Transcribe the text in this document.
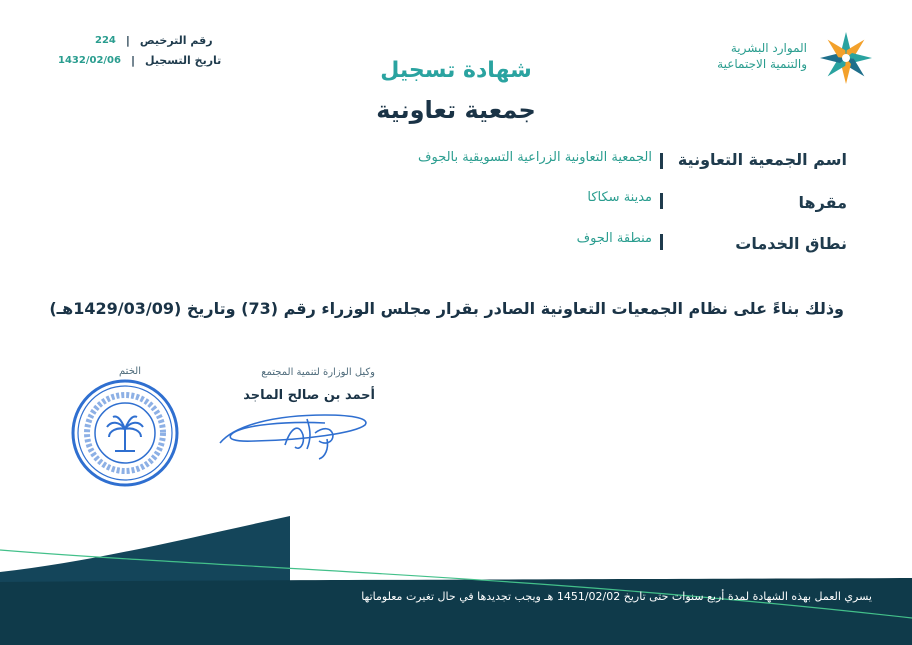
224 | رقم الترخيص
1432/02/06 | تاريخ التسجيل
الموارد البشرية
والتنمية الاجتماعية
شهادة تسجيل
جمعية تعاونية
اسم الجمعية التعاونية
الجمعية التعاونية الزراعية التسويقية بالجوف
مقرها
مدينة سكاكا
نطاق الخدمات
منطقة الجوف
وذلك بناءً على نظام الجمعيات التعاونية الصادر بقرار مجلس الوزراء رقم (73) وتاريخ (1429/03/09هـ)
وكيل الوزارة لتنمية المجتمع
أحمد بن صالح الماجد
الختم
يسري العمل بهذه الشهادة لمدة أربع سنوات حتى تاريخ 1451/02/02 هـ ويجب تجديدها في حال تغيرت معلوماتها
